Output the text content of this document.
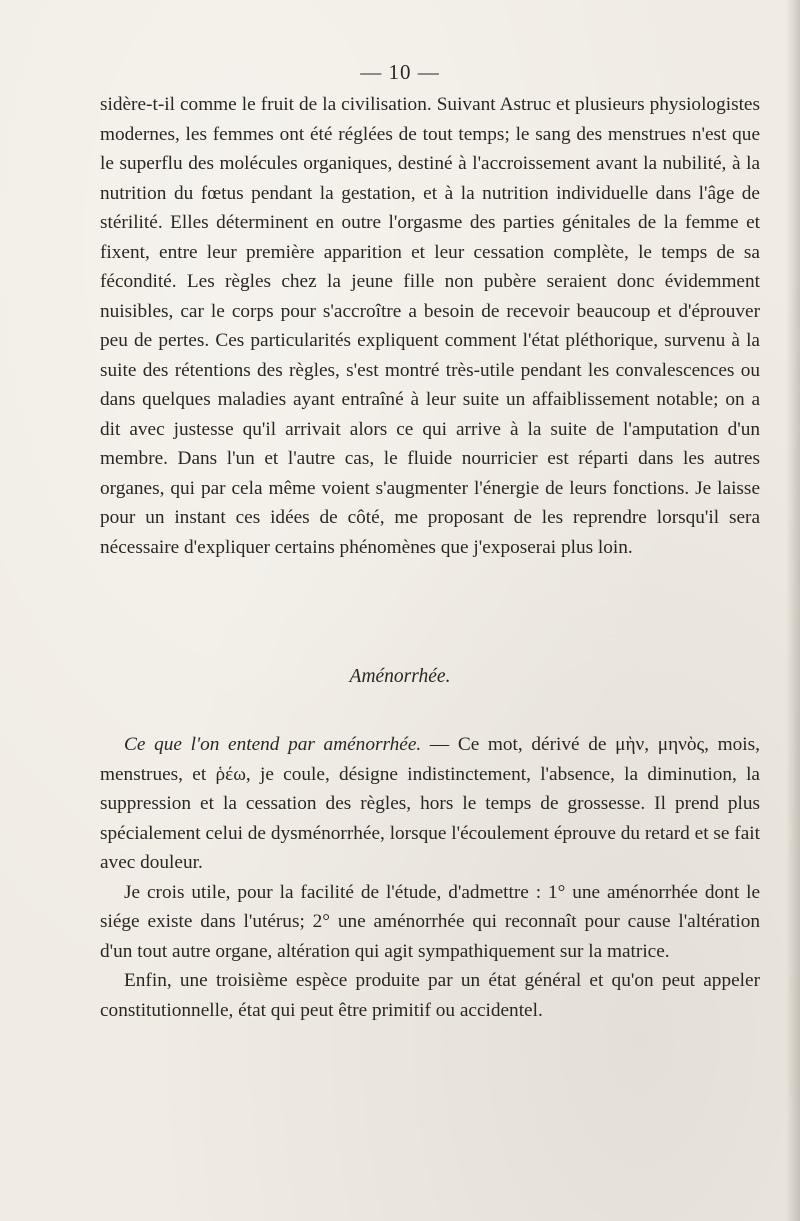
— 10 —

sidère-t-il comme le fruit de la civilisation. Suivant Astruc et plusieurs physiologistes modernes, les femmes ont été réglées de tout temps; le sang des menstrues n'est que le superflu des molécules organiques, destiné à l'accroissement avant la nubilité, à la nutrition du fœtus pendant la gestation, et à la nutrition individuelle dans l'âge de stérilité. Elles déterminent en outre l'orgasme des parties génitales de la femme et fixent, entre leur première apparition et leur cessation complète, le temps de sa fécondité. Les règles chez la jeune fille non pubère seraient donc évidemment nuisibles, car le corps pour s'accroître a besoin de recevoir beaucoup et d'éprouver peu de pertes. Ces particularités expliquent comment l'état pléthorique, survenu à la suite des rétentions des règles, s'est montré très-utile pendant les convalescences ou dans quelques maladies ayant entraîné à leur suite un affaiblissement notable; on a dit avec justesse qu'il arrivait alors ce qui arrive à la suite de l'amputation d'un membre. Dans l'un et l'autre cas, le fluide nourricier est réparti dans les autres organes, qui par cela même voient s'augmenter l'énergie de leurs fonctions. Je laisse pour un instant ces idées de côté, me proposant de les reprendre lorsqu'il sera nécessaire d'expliquer certains phénomènes que j'exposerai plus loin.

Aménorrhée.

Ce que l'on entend par aménorrhée. — Ce mot, dérivé de μὴν, μηνὸς, mois, menstrues, et ῥέω, je coule, désigne indistinctement, l'absence, la diminution, la suppression et la cessation des règles, hors le temps de grossesse. Il prend plus spécialement celui de dysménorrhée, lorsque l'écoulement éprouve du retard et se fait avec douleur.

Je crois utile, pour la facilité de l'étude, d'admettre : 1° une aménorrhée dont le siége existe dans l'utérus; 2° une aménorrhée qui reconnaît pour cause l'altération d'un tout autre organe, altération qui agit sympathiquement sur la matrice.

Enfin, une troisième espèce produite par un état général et qu'on peut appeler constitutionnelle, état qui peut être primitif ou accidentel.
